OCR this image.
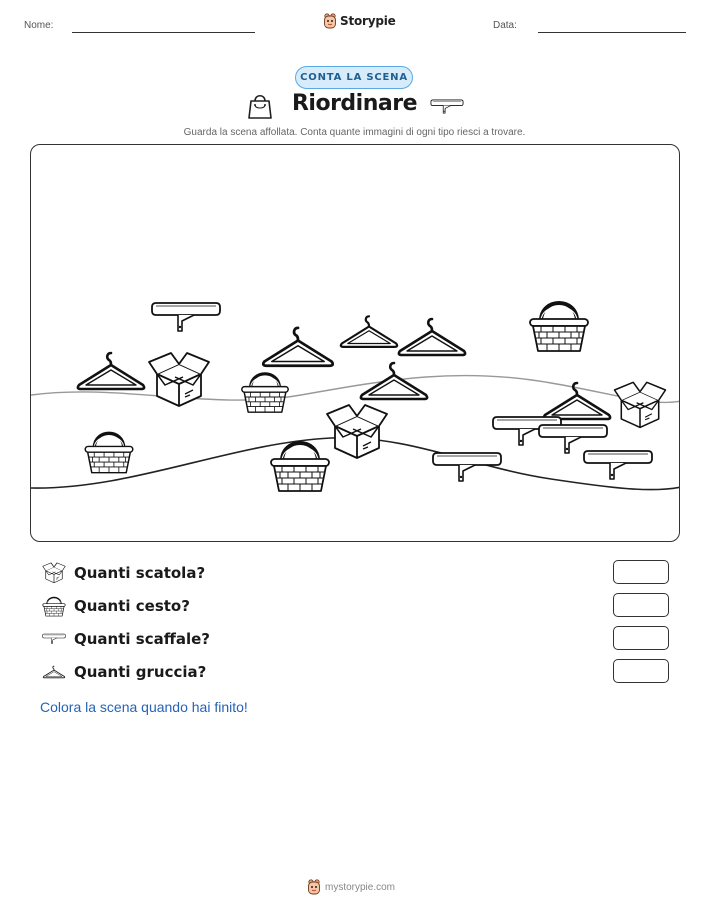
Nome:	Storypie	Data:
CONTA LA SCENA
Riordinare
Guarda la scena affollata. Conta quante immagini di ogni tipo riesci a trovare.
Quanti scatola?
Quanti cesto?
Quanti scaffale?
Quanti gruccia?
Colora la scena quando hai finito!
mystorypie.com
